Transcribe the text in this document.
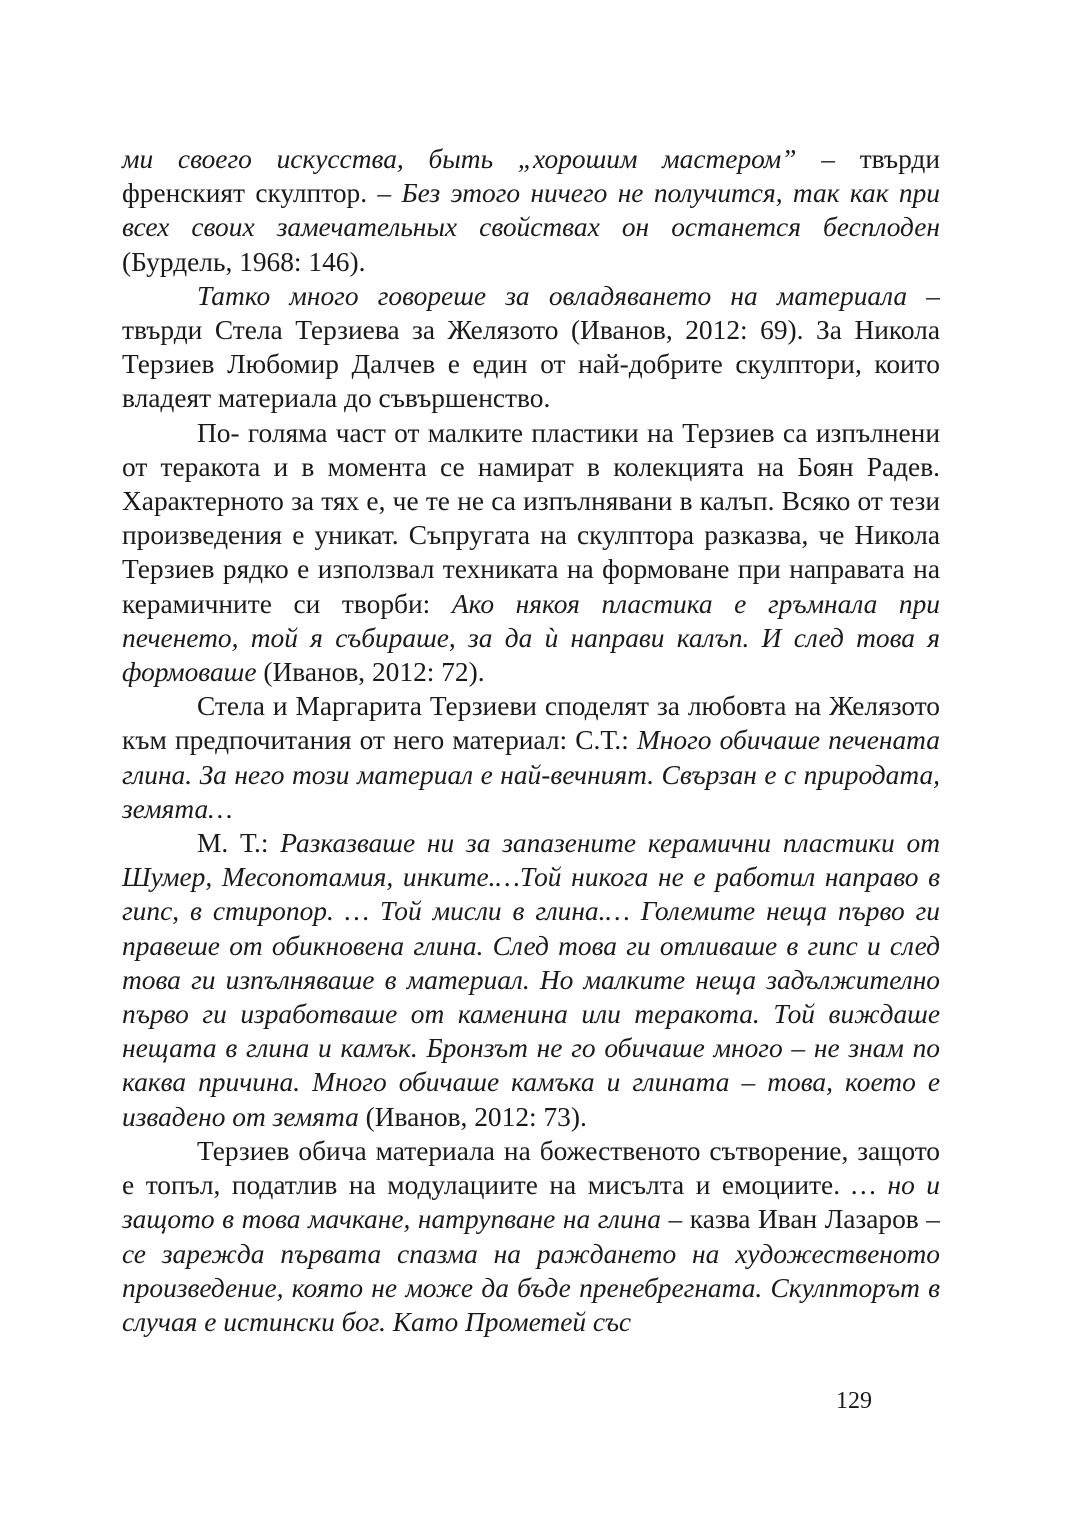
ми своего искусства, быть „хорошим мастером” – твърди френският скулптор. – Без этого ничего не получится, так как при всех своих замечательных свойствах он останется бесплоден (Бурдель, 1968: 146).

Татко много говореше за овладяването на материала – твърди Стела Терзиева за Желязото (Иванов, 2012: 69). За Никола Терзиев Любомир Далчев е един от най-добрите скулптори, които владеят материала до съвършенство.

По- голяма част от малките пластики на Терзиев са изпълнени от теракота и в момента се намират в колекцията на Боян Радев. Характерното за тях е, че те не са изпълнявани в калъп. Всяко от тези произведения е уникат. Съпругата на скулптора разказва, че Никола Терзиев рядко е използвал техниката на формоване при направата на керамичните си творби: Ако някоя пластика е гръмнала при печенето, той я събираше, за да ѝ направи калъп. И след това я формоваше (Иванов, 2012: 72).

Стела и Маргарита Терзиеви споделят за любовта на Желязото към предпочитания от него материал: С.Т.: Много обичаше печената глина. За него този материал е най-вечният. Свързан е с природата, земята…

М. Т.: Разказваше ни за запазените керамични пластики от Шумер, Месопотамия, инките.…Той никога не е работил направо в гипс, в стиропор. … Той мисли в глина.… Големите неща първо ги правеше от обикновена глина. След това ги отливаше в гипс и след това ги изпълняваше в материал. Но малките неща задължително първо ги изработваше от каменина или теракота. Той виждаше нещата в глина и камък. Бронзът не го обичаше много – не знам по каква причина. Много обичаше камъка и глината – това, което е извадено от земята (Иванов, 2012: 73).

Терзиев обича материала на божественото сътворение, защото е топъл, податлив на модулациите на мисълта и емоциите. … но и защото в това мачкане, натрупване на глина – казва Иван Лазаров – се зарежда първата спазма на раждането на художественото произведение, която не може да бъде пренебрегната. Скулпторът в случая е истински бог. Като Прометей със

129
